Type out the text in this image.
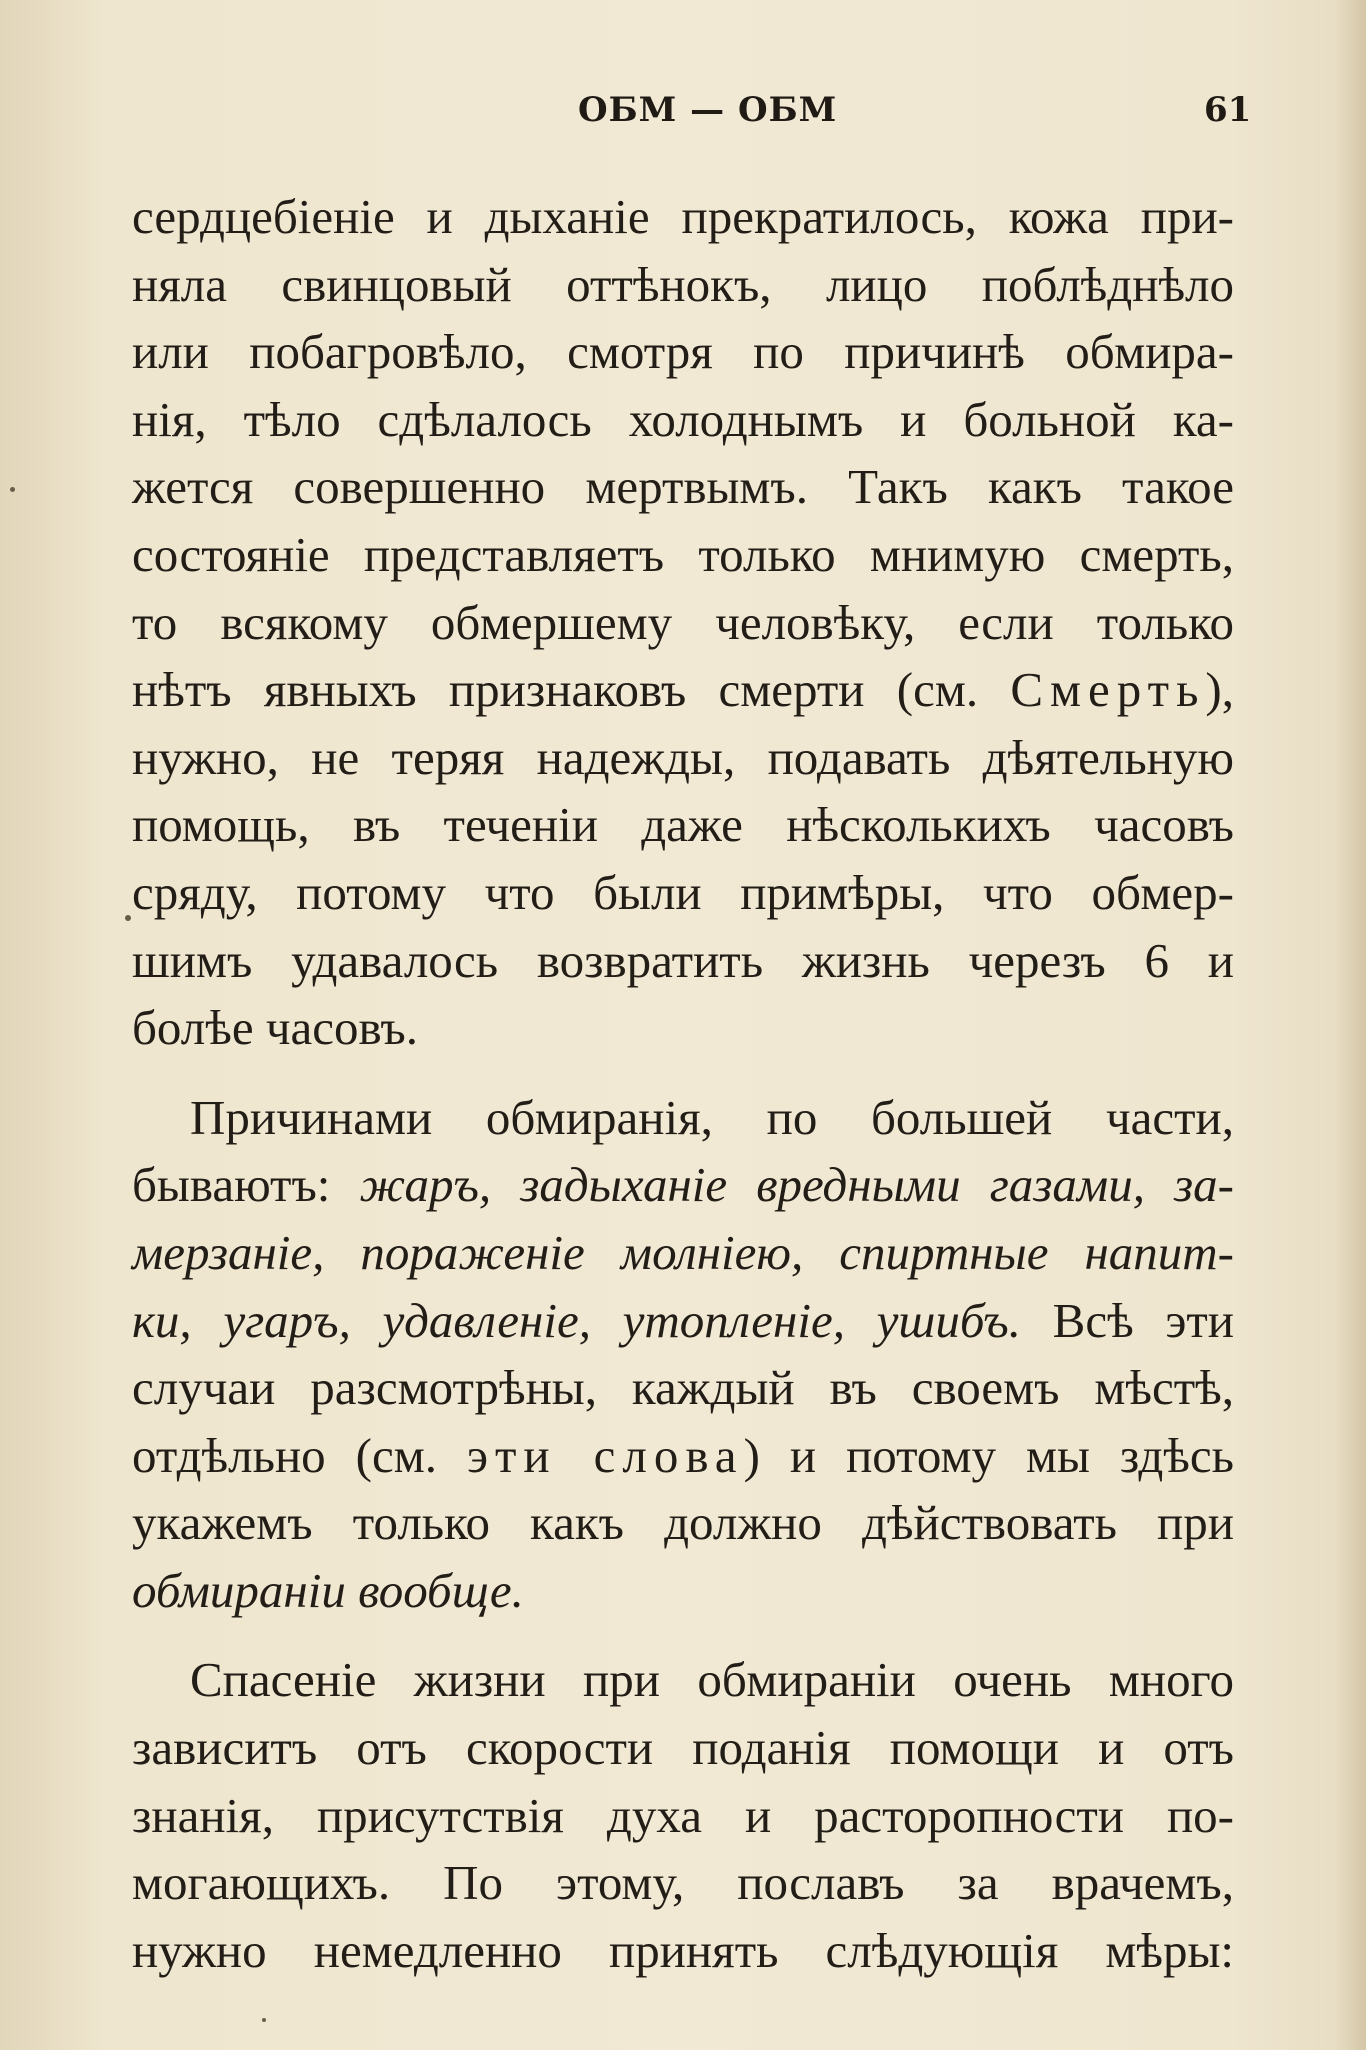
ОБМ — ОБМ	61
сердцебіеніе и дыханіе прекратилось, кожа при-
няла свинцовый оттѣнокъ, лицо поблѣднѣло
или побагровѣло, смотря по причинѣ обмира-
нія, тѣло сдѣлалось холоднымъ и больной ка-
жется совершенно мертвымъ. Такъ какъ такое
состояніе представляетъ только мнимую смерть,
то всякому обмершему человѣку, если только
нѣтъ явныхъ признаковъ смерти (см. Смерть),
нужно, не теряя надежды, подавать дѣятельную
помощь, въ теченіи даже нѣсколькихъ часовъ
сряду, потому что были примѣры, что обмер-
шимъ удавалось возвратить жизнь черезъ 6 и
болѣе часовъ.
Причинами обмиранія, по большей части,
бываютъ: жаръ, задыханіе вредными газами, за-
мерзаніе, пораженіе молніею, спиртные напит-
ки, угаръ, удавленіе, утопленіе, ушибъ. Всѣ эти
случаи разсмотрѣны, каждый въ своемъ мѣстѣ,
отдѣльно (см. эти слова) и потому мы здѣсь
укажемъ только какъ должно дѣйствовать при
обмираніи вообще.
Спасеніе жизни при обмираніи очень много
зависитъ отъ скорости поданія помощи и отъ
знанія, присутствія духа и расторопности по-
могающихъ. По этому, пославъ за врачемъ,
нужно немедленно принять слѣдующія мѣры:
